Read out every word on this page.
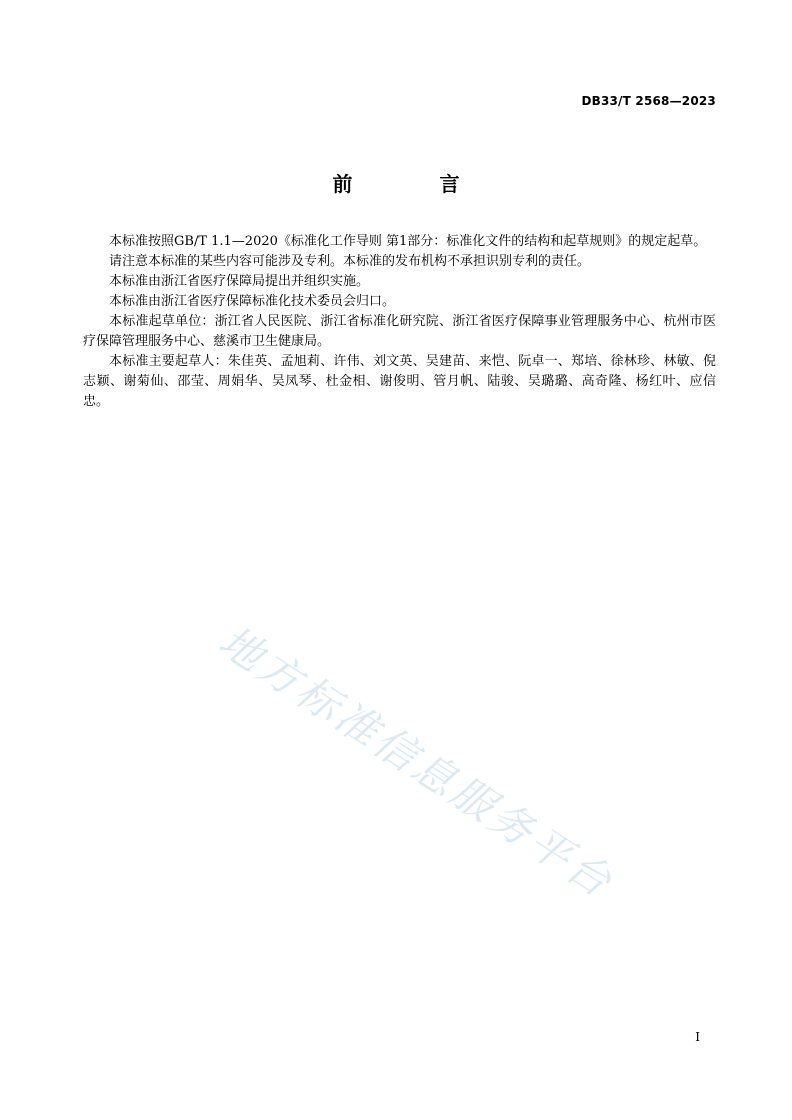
DB33/T 2568—2023
前 言

本标准按照GB/T 1.1—2020《标准化工作导则 第1部分：标准化文件的结构和起草规则》的规定起草。

请注意本标准的某些内容可能涉及专利。本标准的发布机构不承担识别专利的责任。

本标准由浙江省医疗保障局提出并组织实施。

本标准由浙江省医疗保障标准化技术委员会归口。

本标准起草单位：浙江省人民医院、浙江省标准化研究院、浙江省医疗保障事业管理服务中心、杭州市医疗保障管理服务中心、慈溪市卫生健康局。

本标准主要起草人：朱佳英、孟旭莉、许伟、刘文英、吴建苗、来恺、阮卓一、郑培、徐林珍、林敏、倪志颖、谢菊仙、邵莹、周娟华、吴凤琴、杜金相、谢俊明、管月帆、陆骏、吴璐璐、高奇隆、杨红叶、应信忠。

地方标准信息服务平台
I
